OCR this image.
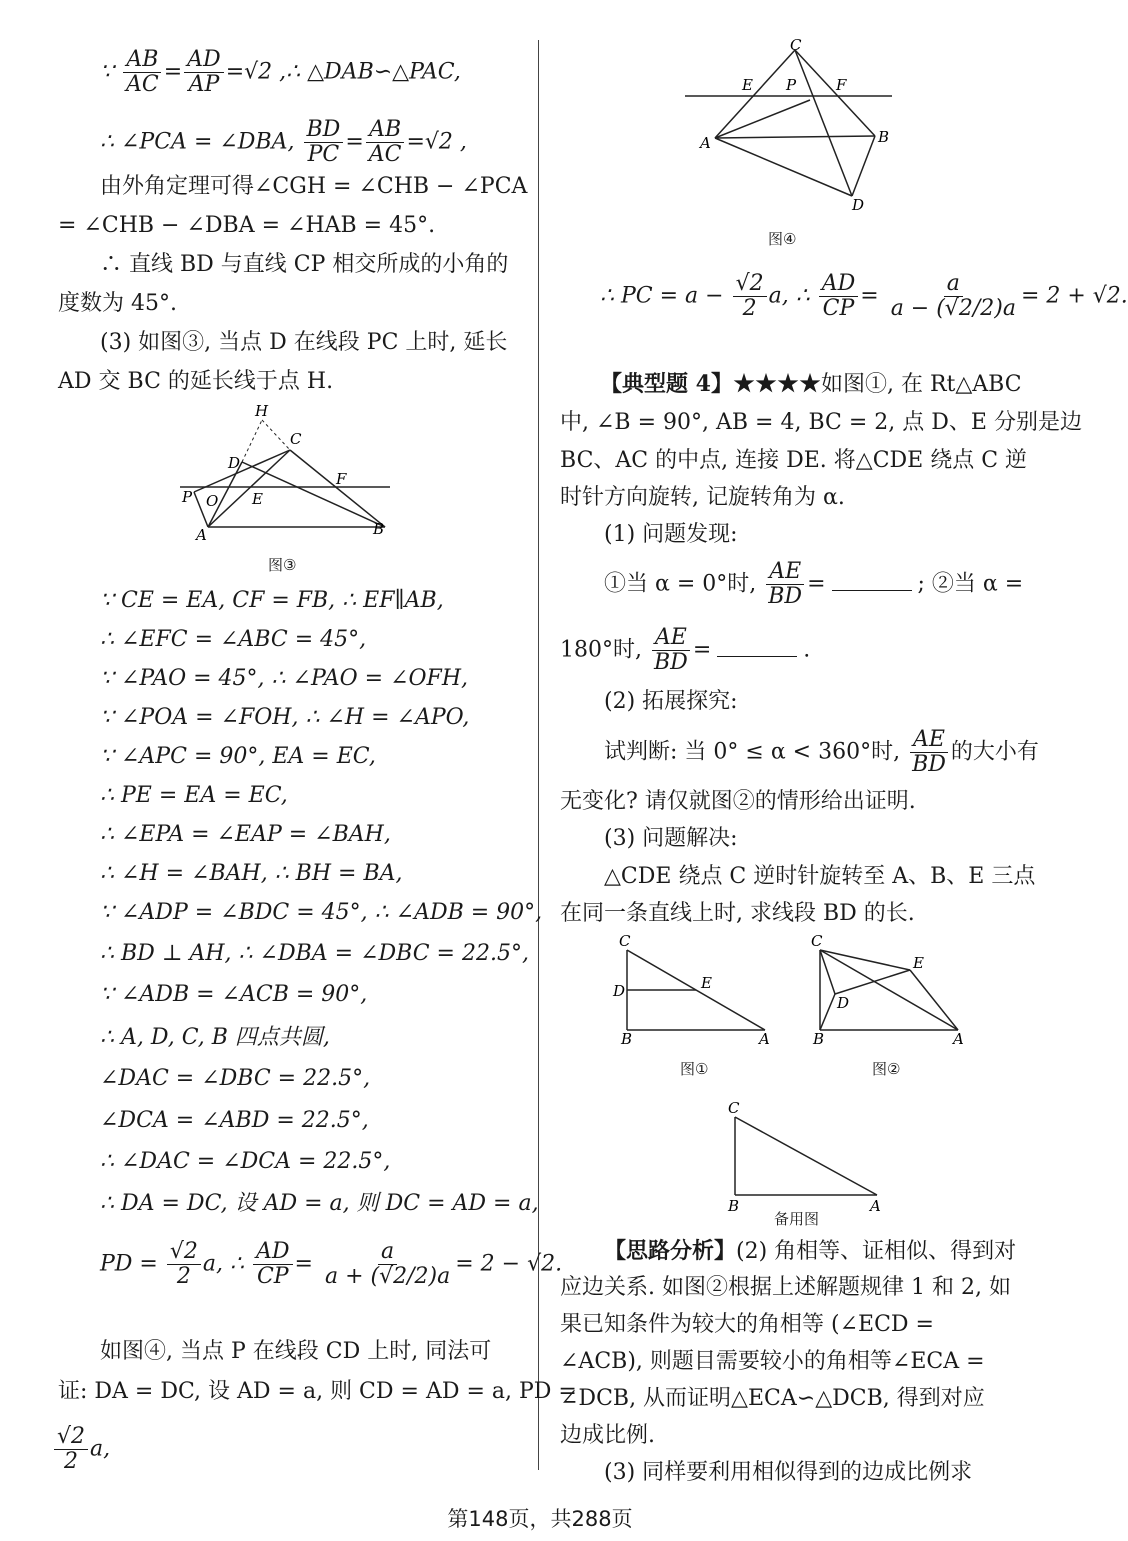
∵ $\frac{AB}{AC} = \frac{AD}{AP} =√2$ ,∴ △DAB∽△PAC,
∴ ∠PCA = ∠DBA, $\frac{BD}{PC} = \frac{AB}{AC} =√2$ ,
由外角定理可得∠CGH = ∠CHB − ∠PCA
= ∠CHB − ∠DBA = ∠HAB = 45°.
∴ 直线 BD 与直线 CP 相交所成的小角的
度数为 45°.
(3) 如图③, 当点 D 在线段 PC 上时, 延长
AD 交 BC 的延长线于点 H.
H
C
D
F
P O E
A	B
图③
∵ CE = EA, CF = FB, ∴ EF∥AB,
∴ ∠EFC = ∠ABC = 45°,
∵ ∠PAO = 45°, ∴ ∠PAO = ∠OFH,
∵ ∠POA = ∠FOH, ∴ ∠H = ∠APO,
∵ ∠APC = 90°, EA = EC,
∴ PE = EA = EC,
∴ ∠EPA = ∠EAP = ∠BAH,
∴ ∠H = ∠BAH, ∴ BH = BA,
∵ ∠ADP = ∠BDC = 45°, ∴ ∠ADB = 90°,
∴ BD ⊥ AH, ∴ ∠DBA = ∠DBC = 22.5°,
∵ ∠ADB = ∠ACB = 90°,
∴ A, D, C, B 四点共圆,
∠DAC = ∠DBC = 22.5°,
∠DCA = ∠ABD = 22.5°,
∴ ∠DAC = ∠DCA = 22.5°,
∴ DA = DC, 设 AD = a, 则 DC = AD = a,
PD = $\frac{√2}{2} a$, ∴ $\frac{AD}{CP} = \frac{a}{a + (√2/2)a} = 2 - √2$.
如图④, 当点 P 在线段 CD 上时, 同法可
证: DA = DC, 设 AD = a, 则 CD = AD = a, PD =
$\frac{√2}{2} a$,
C
E P	F
A	B
D
图④
∴ PC = $a - \frac{√2}{2} a$, ∴ $\frac{AD}{CP} = \frac{a}{a - (√2/2)a} = 2 + √2$.
【典型题 4】★★★★如图①, 在 Rt△ABC
中, ∠B = 90°, AB = 4, BC = 2, 点 D、E 分别是边
BC、AC 的中点, 连接 DE. 将△CDE 绕点 C 逆
时针方向旋转, 记旋转角为 α.
(1) 问题发现:
①当 α = 0°时, $\frac{AE}{BD}$ =	; ②当 α =
180°时, $\frac{AE}{BD}$ =	.
(2) 拓展探究:
试判断: 当 0° ≤ α < 360°时, $\frac{AE}{BD}$ 的大小有
无变化? 请仅就图②的情形给出证明.
(3) 问题解决:
△CDE 绕点 C 逆时针旋转至 A、B、E 三点
在同一条直线上时, 求线段 BD 的长.
C
D	E
B	A
图①
C
E
D
B	A
图②
C
B	A
备用图
【思路分析】(2) 角相等、证相似、得到对
应边关系. 如图②根据上述解题规律 1 和 2, 如
果已知条件为较大的角相等 (∠ECD =
∠ACB), 则题目需要较小的角相等∠ECA =
∠DCB, 从而证明△ECA∽△DCB, 得到对应
边成比例.
(3) 同样要利用相似得到的边成比例求
第148页，共288页
